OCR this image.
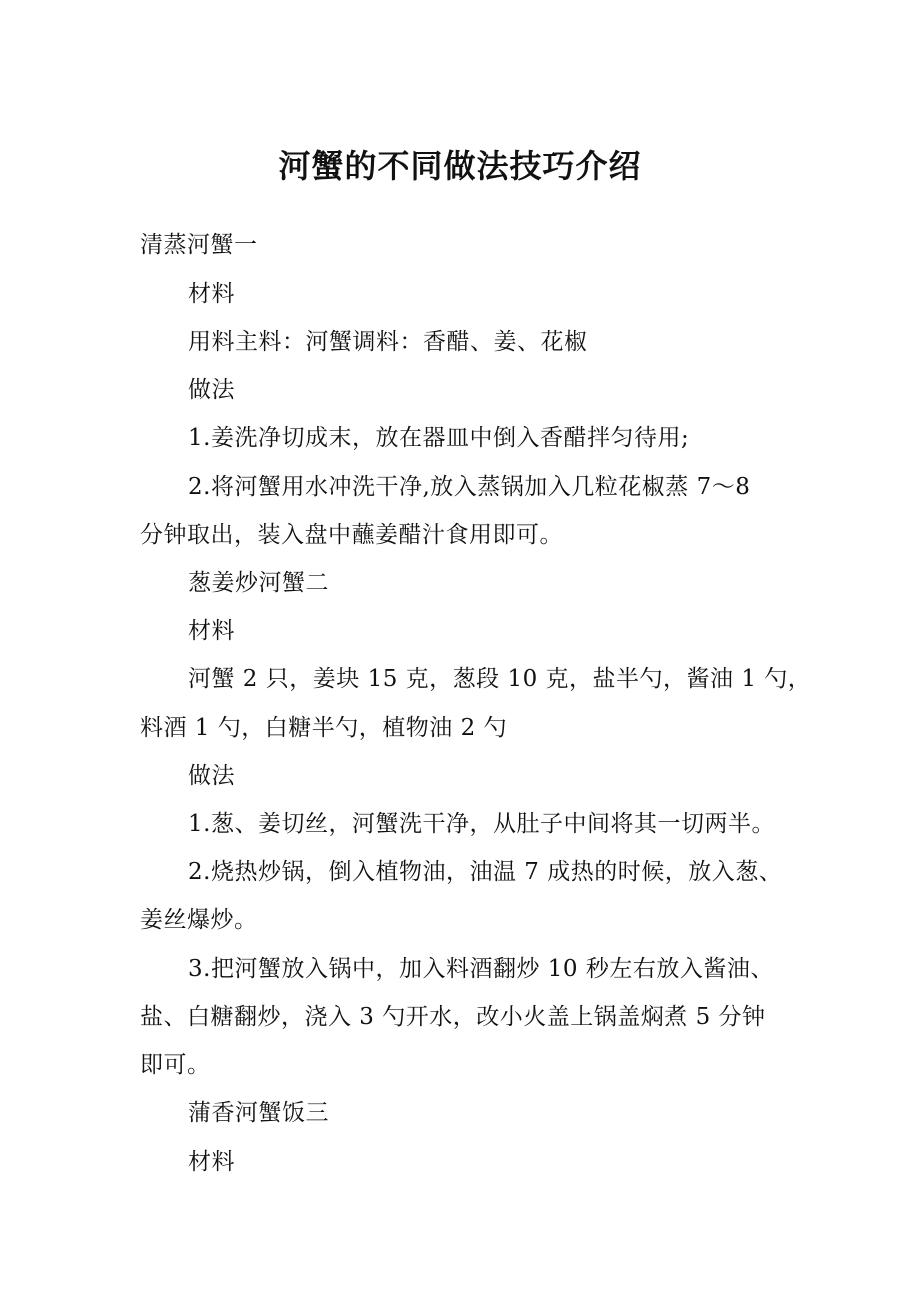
河蟹的不同做法技巧介绍
清蒸河蟹一
材料
用料主料：河蟹调料：香醋、姜、花椒
做法
1.姜洗净切成末，放在器皿中倒入香醋拌匀待用;
2.将河蟹用水冲洗干净,放入蒸锅加入几粒花椒蒸 7～8
分钟取出，装入盘中蘸姜醋汁食用即可。
葱姜炒河蟹二
材料
河蟹 2 只，姜块 15 克，葱段 10 克，盐半勺，酱油 1 勺，
料酒 1 勺，白糖半勺，植物油 2 勺
做法
1.葱、姜切丝，河蟹洗干净，从肚子中间将其一切两半。
2.烧热炒锅，倒入植物油，油温 7 成热的时候，放入葱、
姜丝爆炒。
3.把河蟹放入锅中，加入料酒翻炒 10 秒左右放入酱油、
盐、白糖翻炒，浇入 3 勺开水，改小火盖上锅盖焖煮 5 分钟
即可。
蒲香河蟹饭三
材料
